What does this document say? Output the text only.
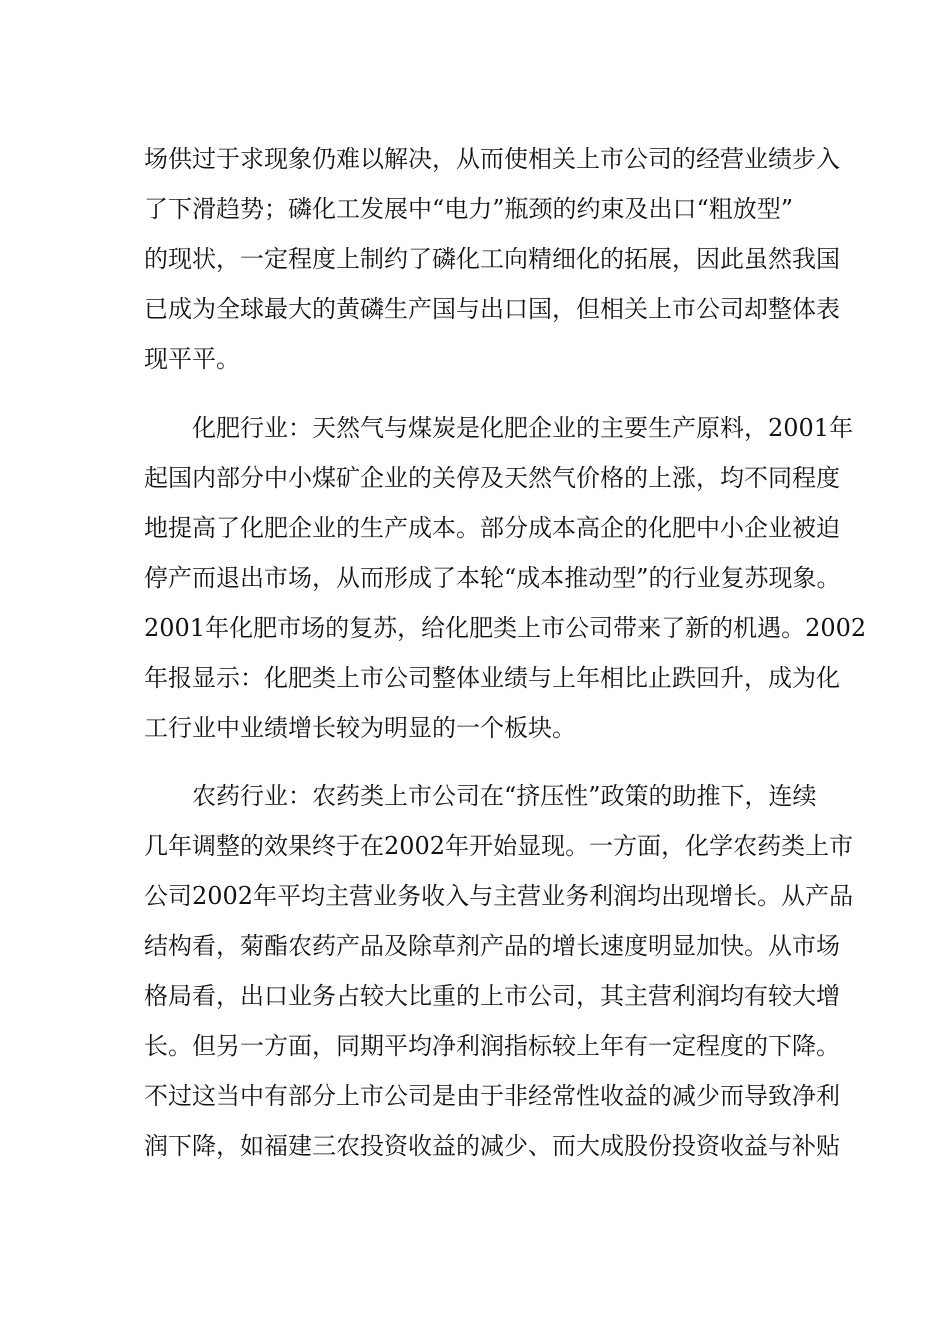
场供过于求现象仍难以解决，从而使相关上市公司的经营业绩步入

了下滑趋势；磷化工发展中“电力”瓶颈的约束及出口“粗放型”

的现状，一定程度上制约了磷化工向精细化的拓展，因此虽然我国

已成为全球最大的黄磷生产国与出口国，但相关上市公司却整体表

现平平。

化肥行业：天然气与煤炭是化肥企业的主要生产原料，2001年

起国内部分中小煤矿企业的关停及天然气价格的上涨，均不同程度

地提高了化肥企业的生产成本。部分成本高企的化肥中小企业被迫

停产而退出市场，从而形成了本轮“成本推动型”的行业复苏现象。

2001年化肥市场的复苏，给化肥类上市公司带来了新的机遇。2002

年报显示：化肥类上市公司整体业绩与上年相比止跌回升，成为化

工行业中业绩增长较为明显的一个板块。

农药行业：农药类上市公司在“挤压性”政策的助推下，连续

几年调整的效果终于在2002年开始显现。一方面，化学农药类上市

公司2002年平均主营业务收入与主营业务利润均出现增长。从产品

结构看，菊酯农药产品及除草剂产品的增长速度明显加快。从市场

格局看，出口业务占较大比重的上市公司，其主营利润均有较大增

长。但另一方面，同期平均净利润指标较上年有一定程度的下降。

不过这当中有部分上市公司是由于非经常性收益的减少而导致净利

润下降，如福建三农投资收益的减少、而大成股份投资收益与补贴
